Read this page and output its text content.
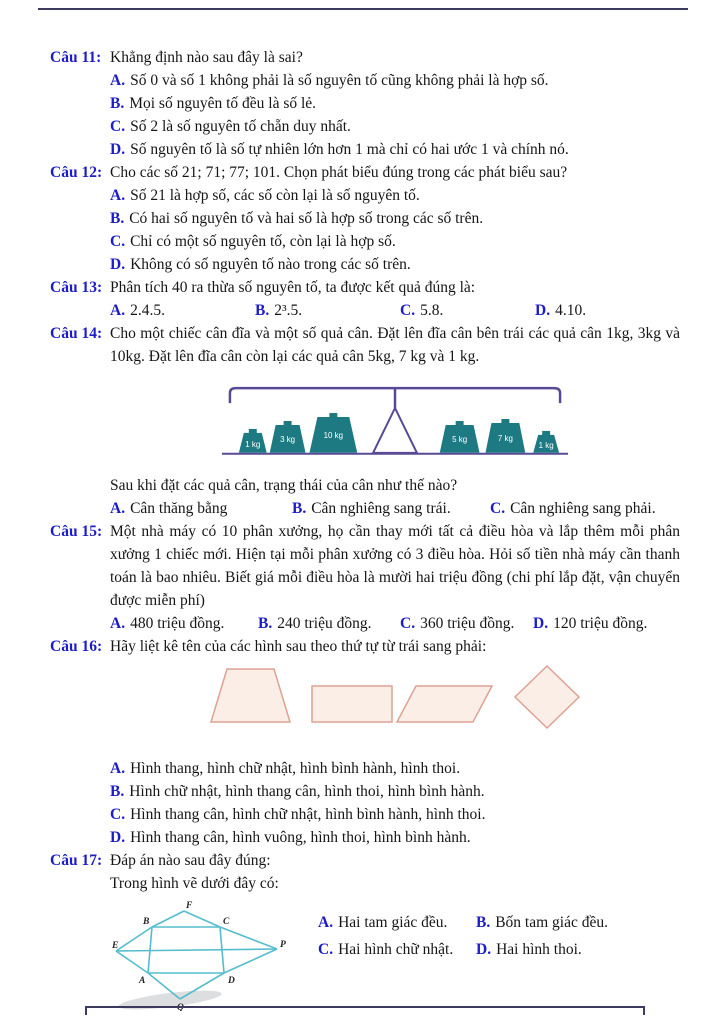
Câu 11: Khẳng định nào sau đây là sai?
A. Số 0 và số 1 không phải là số nguyên tố cũng không phải là hợp số.
B. Mọi số nguyên tố đều là số lẻ.
C. Số 2 là số nguyên tố chẵn duy nhất.
D. Số nguyên tố là số tự nhiên lớn hơn 1 mà chỉ có hai ước 1 và chính nó.
Câu 12: Cho các số 21; 71; 77; 101. Chọn phát biểu đúng trong các phát biểu sau?
A. Số 21 là hợp số, các số còn lại là số nguyên tố.
B. Có hai số nguyên tố và hai số là hợp số trong các số trên.
C. Chỉ có một số nguyên tố, còn lại là hợp số.
D. Không có số nguyên tố nào trong các số trên.
Câu 13: Phân tích 40 ra thừa số nguyên tố, ta được kết quả đúng là:
A. 2.4.5.	B. 2³.5.	C. 5.8.	D. 4.10.
Câu 14: Cho một chiếc cân đĩa và một số quả cân. Đặt lên đĩa cân bên trái các quả cân 1kg, 3kg và 10kg. Đặt lên đĩa cân còn lại các quả cân 5kg, 7 kg và 1 kg.
1 kg
3 kg	10 kg	5 kg	7 kg
1 kg
Sau khi đặt các quả cân, trạng thái của cân như thế nào?
A. Cân thăng bằng	B. Cân nghiêng sang trái.	C. Cân nghiêng sang phải.
Câu 15: Một nhà máy có 10 phân xưởng, họ cần thay mới tất cả điều hòa và lắp thêm mỗi phân xưởng 1 chiếc mới. Hiện tại mỗi phân xưởng có 3 điều hòa. Hỏi số tiền nhà máy cần thanh toán là bao nhiêu. Biết giá mỗi điều hòa là mười hai triệu đồng (chi phí lắp đặt, vận chuyển được miễn phí)
A. 480 triệu đồng.	B. 240 triệu đồng.	C. 360 triệu đồng.	D. 120 triệu đồng.
Câu 16: Hãy liệt kê tên của các hình sau theo thứ tự từ trái sang phải:
A. Hình thang, hình chữ nhật, hình bình hành, hình thoi.
B. Hình chữ nhật, hình thang cân, hình thoi, hình bình hành.
C. Hình thang cân, hình chữ nhật, hình bình hành, hình thoi.
D. Hình thang cân, hình vuông, hình thoi, hình bình hành.
Câu 17: Đáp án nào sau đây đúng:
Trong hình vẽ dưới đây có:
F
B	C
E	P
A	D
Q
A. Hai tam giác đều.	B. Bốn tam giác đều.
C. Hai hình chữ nhật.	D. Hai hình thoi.
